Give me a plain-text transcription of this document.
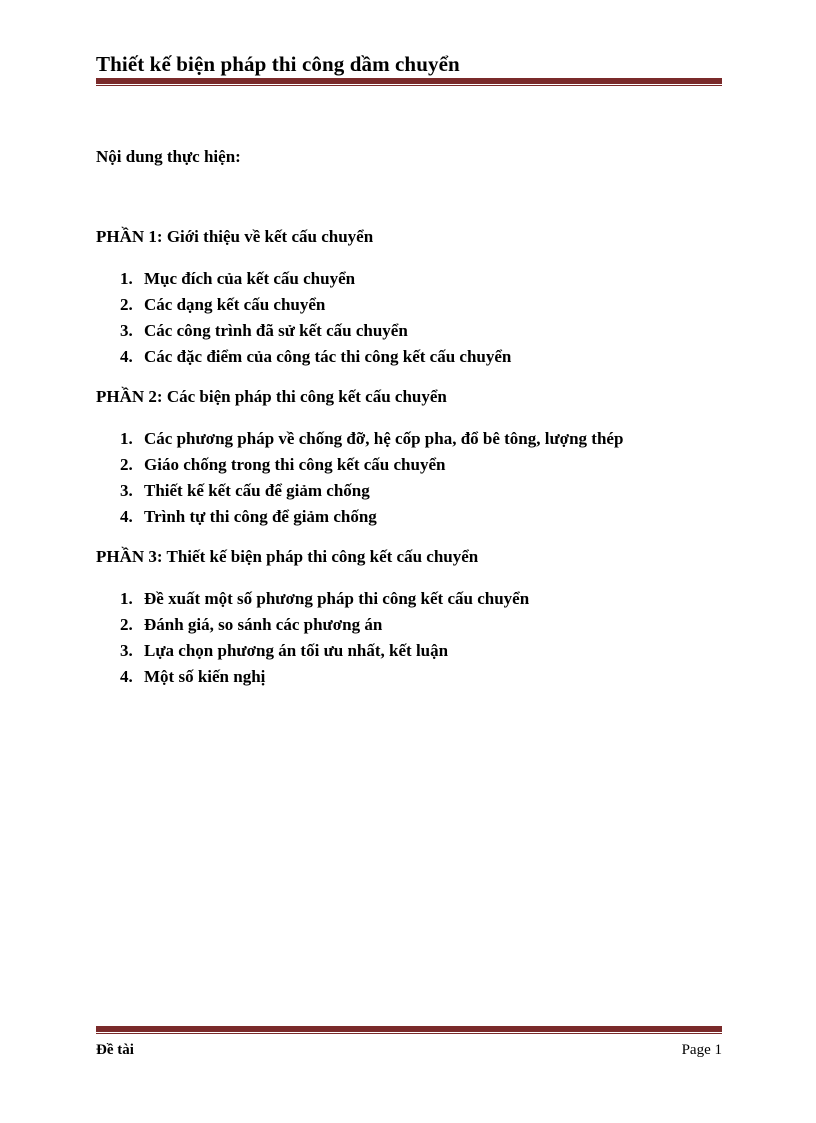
Thiết kế biện pháp thi công dầm chuyển
Nội dung thực hiện:
PHẦN 1: Giới thiệu về kết cấu chuyển
1. Mục đích của kết cấu chuyển
2. Các dạng kết cấu chuyển
3. Các công trình đã sử kết cấu chuyển
4. Các đặc điểm của công tác thi công kết cấu chuyển
PHẦN 2: Các biện pháp thi công kết cấu chuyển
1. Các phương pháp về chống đỡ, hệ cốp pha, đổ bê tông, lượng thép
2. Giáo chống trong thi công kết cấu chuyển
3. Thiết kế kết cấu để giảm chống
4. Trình tự thi công để giảm chống
PHẦN 3: Thiết kế biện pháp thi công kết cấu chuyển
1. Đề xuất một số phương pháp thi công kết cấu chuyển
2. Đánh giá, so sánh các phương án
3. Lựa chọn phương án tối ưu nhất, kết luận
4. Một số kiến nghị
Đề tài	Page 1
